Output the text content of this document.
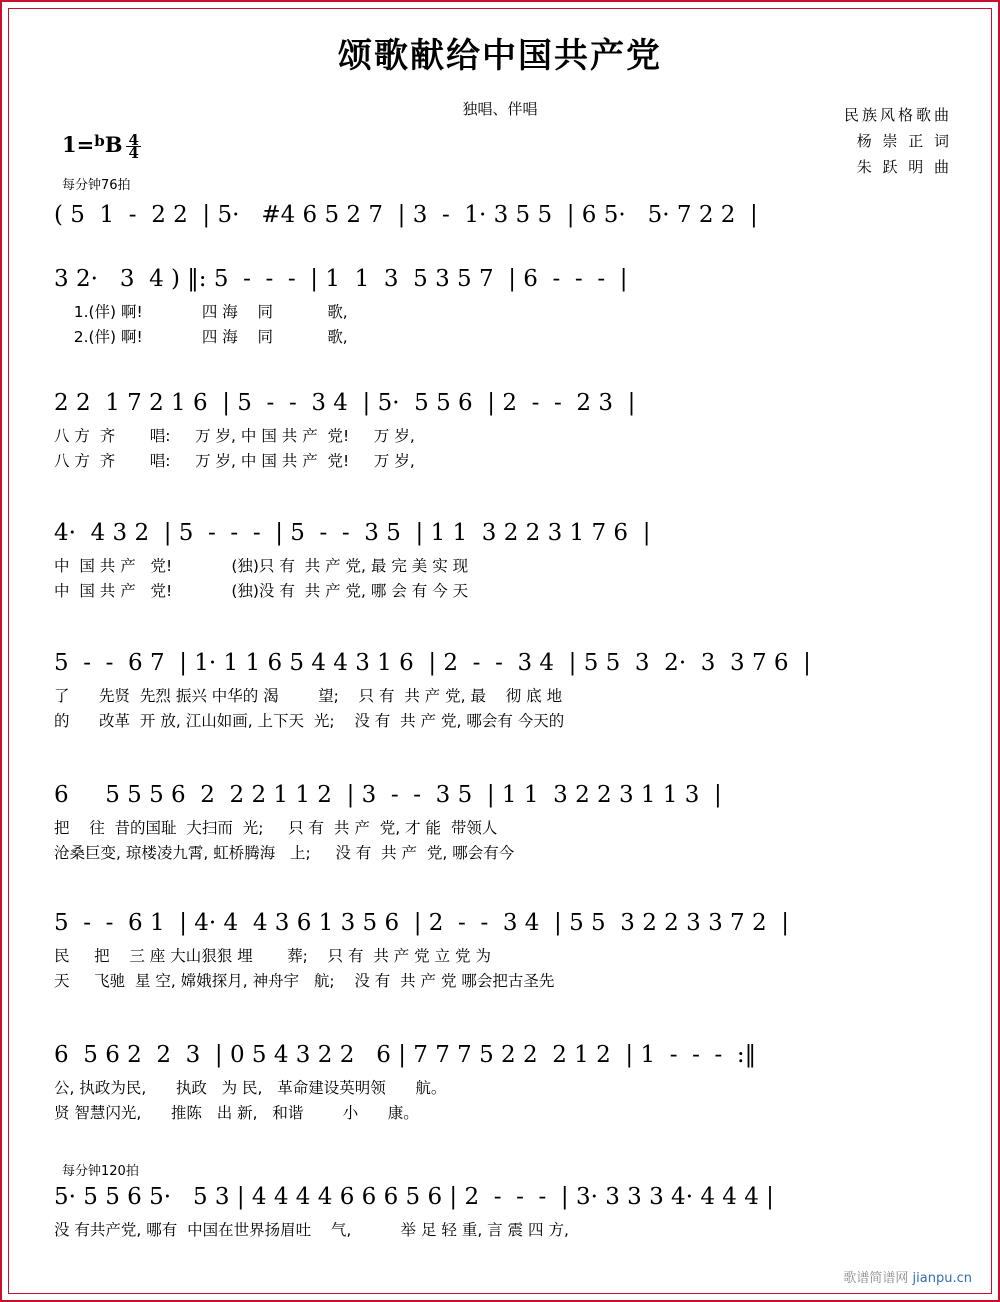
颂歌献给中国共产党
独唱、伴唱	民族风格歌曲
杨 崇 正 词
朱 跃 明 曲
$1=^bB \frac{4}{4}$
每分钟76拍
( 5  1  -  2 2  | 5·   #4 6 5 2 7  | 3  -  1· 3 5 5  | 6 5·   5· 7 2 2  |
3 2·   3  4 ) ‖: 5  -  -  -  | 1  1  3  5 3 5 7  | 6  -  -  -  |
1.(伴) 啊!            四 海    同           歌,
2.(伴) 啊!            四 海    同           歌,
2 2  1 7 2 1 6  | 5  -  -  3 4  | 5·  5 5 6  | 2  -  -  2 3  |
八 方  齐       唱:     万 岁, 中 国 共 产  党!     万 岁,
八 方  齐       唱:     万 岁, 中 国 共 产  党!     万 岁,
4·  4 3 2  | 5  -  -  -  | 5  -  -  3 5  | 1 1  3 2 2 3 1 7 6  |
中  国 共 产   党!            (独)只 有  共 产 党, 最 完 美 实 现
中  国 共 产   党!            (独)没 有  共 产 党, 哪 会 有 今 天
5  -  -  6 7  | 1· 1 1 6 5 4 4 3 1 6  | 2  -  -  3 4  | 5 5  3  2·  3  3 7 6  |
了      先贤  先烈 振兴 中华的 渴        望;    只 有  共 产 党, 最    彻 底 地
的      改革  开 放, 江山如画, 上下天  光;    没 有  共 产 党, 哪会有 今天的
6     5 5 5 6  2  2 2 1 1 2  | 3  -  -  3 5  | 1 1  3 2 2 3 1 1 3  |
把    往  昔的国耻  大扫而  光;     只 有  共 产  党, 才 能  带领人
沧桑巨变, 琼楼凌九霄, 虹桥腾海   上;     没 有  共 产  党, 哪会有今
5  -  -  6 1  | 4· 4  4 3 6 1 3 5 6  | 2  -  -  3 4  | 5 5  3 2 2 3 3 7 2  |
民     把    三 座 大山狠狠 埋       葬;    只 有  共 产 党 立 党 为
天     飞驰  星 空, 嫦娥探月, 神舟宇   航;    没 有  共 产 党 哪会把古圣先
6  5 6 2  2  3  | 0 5 4 3 2 2   6 | 7 7 7 5 2 2  2 1 2  | 1  -  -  -  :‖
公, 执政为民,      执政   为 民,   革命建设英明领      航。
贤 智慧闪光,      推陈   出 新,   和谐        小      康。
每分钟120拍
5· 5 5 6 5·   5 3 | 4 4 4 4 6 6 6 5 6 | 2  -  -  -  | 3· 3 3 3 4· 4 4 4 |
没 有共产党, 哪有  中国在世界扬眉吐    气,          举 足 轻 重, 言 震 四 方,
歌谱简谱网 jianpu.cn
